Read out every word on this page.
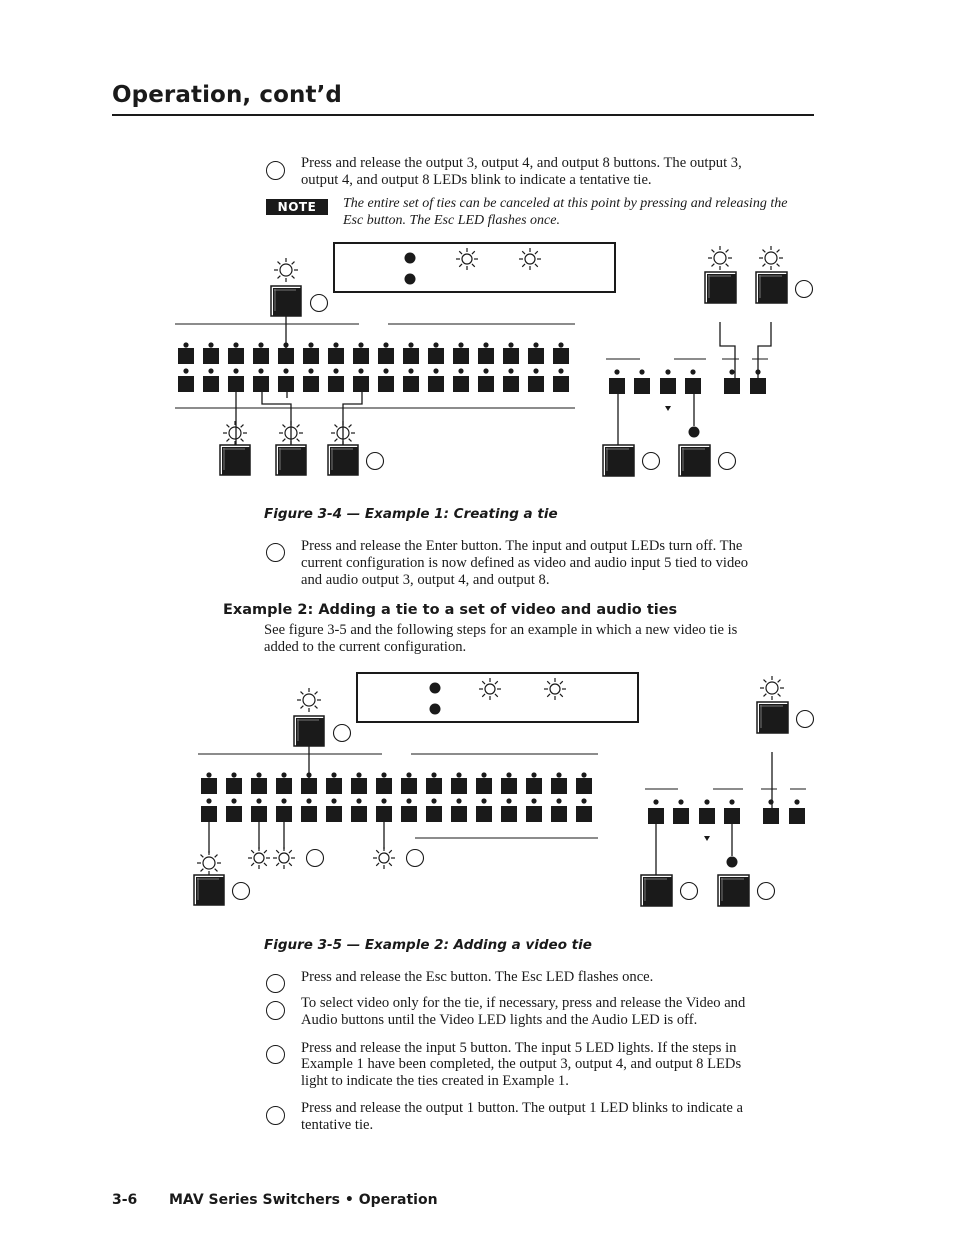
Operation, cont’d
Press and release the output 3, output 4, and output 8 buttons. The output 3,
output 4, and output 8 LEDs blink to indicate a tentative tie.
NOTE	The entire set of ties can be canceled at this point by pressing and releasing the
Esc button. The Esc LED flashes once.
Figure 3-4 — Example 1: Creating a tie
Press and release the Enter button. The input and output LEDs turn off. The
current configuration is now defined as video and audio input 5 tied to video
and audio output 3, output 4, and output 8.
Example 2: Adding a tie to a set of video and audio ties
See figure 3-5 and the following steps for an example in which a new video tie is
added to the current configuration.
Figure 3-5 — Example 2: Adding a video tie
Press and release the Esc button. The Esc LED flashes once.
To select video only for the tie, if necessary, press and release the Video and
Audio buttons until the Video LED lights and the Audio LED is off.
Press and release the input 5 button. The input 5 LED lights. If the steps in
Example 1 have been completed, the output 3, output 4, and output 8 LEDs
light to indicate the ties created in Example 1.
Press and release the output 1 button. The output 1 LED blinks to indicate a
tentative tie.
3-6 MAV Series Switchers • Operation
